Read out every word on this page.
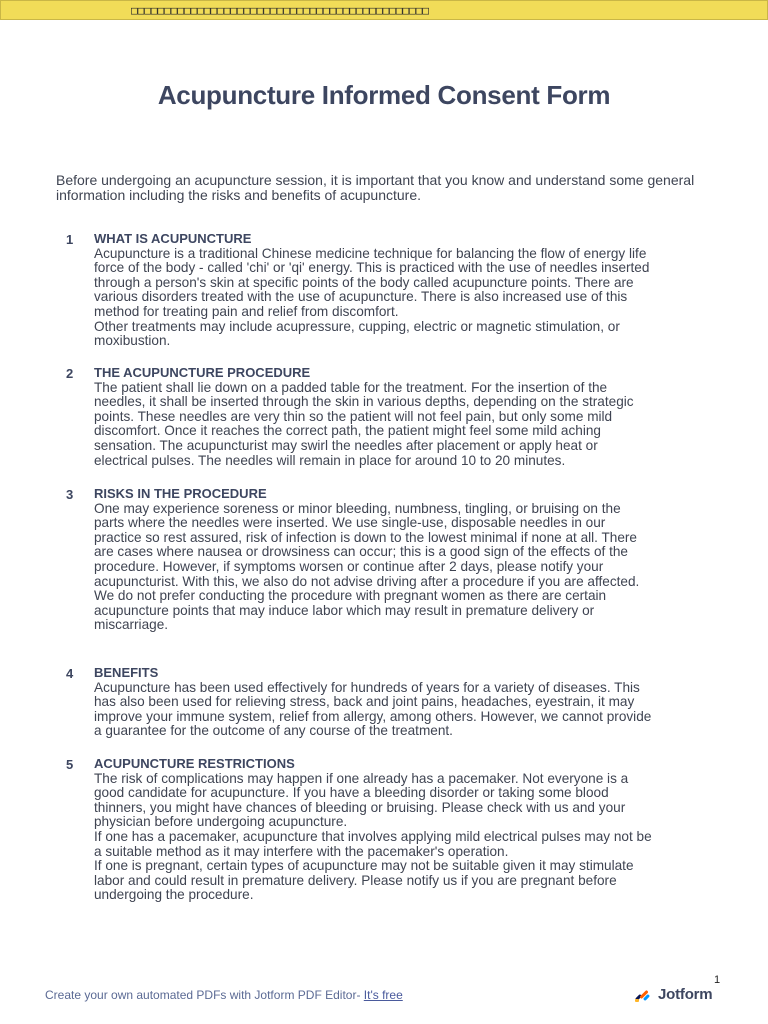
□□□□□□□□□□□□□□□□□□□□□□□□□□□□□□□□□□□□□□□□□□□□□
Acupuncture Informed Consent Form

Before undergoing an acupuncture session, it is important that you know and understand some general information including the risks and benefits of acupuncture.

1 WHAT IS ACUPUNCTURE
Acupuncture is a traditional Chinese medicine technique for balancing the flow of energy life force of the body - called 'chi' or 'qi' energy. This is practiced with the use of needles inserted through a person's skin at specific points of the body called acupuncture points. There are various disorders treated with the use of acupuncture. There is also increased use of this method for treating pain and relief from discomfort.
Other treatments may include acupressure, cupping, electric or magnetic stimulation, or moxibustion.
2 THE ACUPUNCTURE PROCEDURE
The patient shall lie down on a padded table for the treatment. For the insertion of the needles, it shall be inserted through the skin in various depths, depending on the strategic points. These needles are very thin so the patient will not feel pain, but only some mild discomfort. Once it reaches the correct path, the patient might feel some mild aching sensation. The acupuncturist may swirl the needles after placement or apply heat or electrical pulses. The needles will remain in place for around 10 to 20 minutes.
3 RISKS IN THE PROCEDURE
One may experience soreness or minor bleeding, numbness, tingling, or bruising on the parts where the needles were inserted. We use single-use, disposable needles in our practice so rest assured, risk of infection is down to the lowest minimal if none at all. There are cases where nausea or drowsiness can occur; this is a good sign of the effects of the procedure. However, if symptoms worsen or continue after 2 days, please notify your acupuncturist. With this, we also do not advise driving after a procedure if you are affected.
We do not prefer conducting the procedure with pregnant women as there are certain acupuncture points that may induce labor which may result in premature delivery or miscarriage.
4 BENEFITS
Acupuncture has been used effectively for hundreds of years for a variety of diseases. This has also been used for relieving stress, back and joint pains, headaches, eyestrain, it may improve your immune system, relief from allergy, among others. However, we cannot provide a guarantee for the outcome of any course of the treatment.
5 ACUPUNCTURE RESTRICTIONS
The risk of complications may happen if one already has a pacemaker. Not everyone is a good candidate for acupuncture. If you have a bleeding disorder or taking some blood thinners, you might have chances of bleeding or bruising. Please check with us and your physician before undergoing acupuncture.
If one has a pacemaker, acupuncture that involves applying mild electrical pulses may not be a suitable method as it may interfere with the pacemaker's operation.
If one is pregnant, certain types of acupuncture may not be suitable given it may stimulate labor and could result in premature delivery. Please notify us if you are pregnant before undergoing the procedure.
1
Create your own automated PDFs with Jotform PDF Editor- It's free	Jotform
